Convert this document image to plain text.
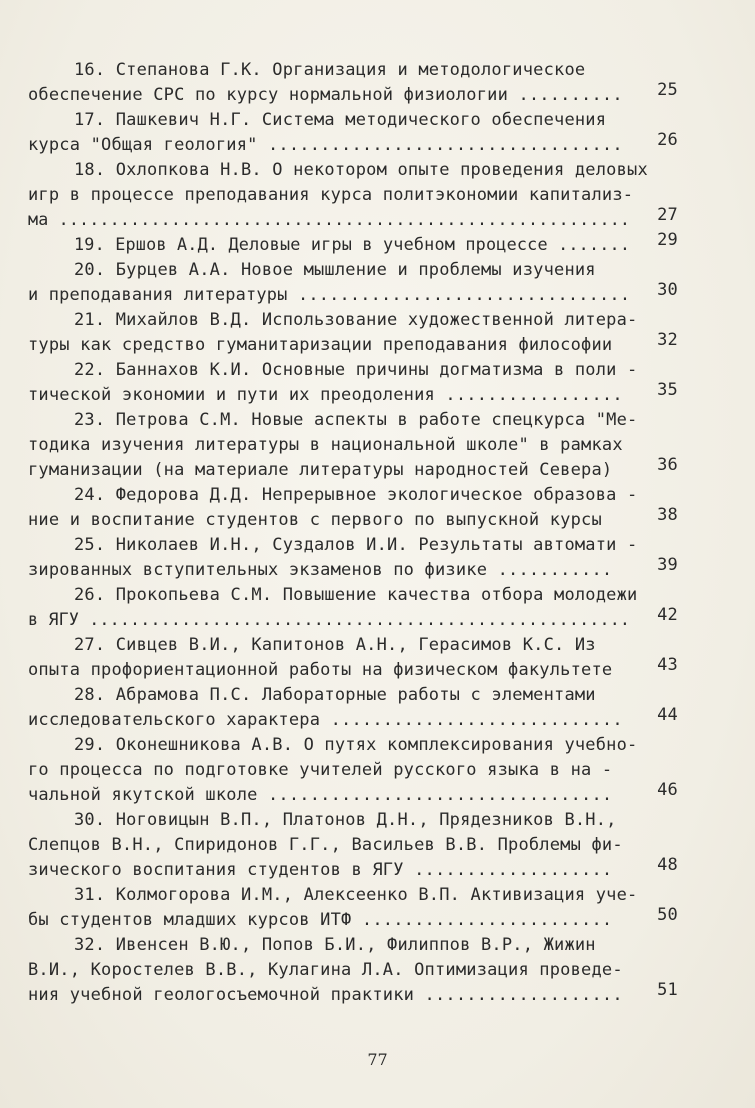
16. Степанова Г.К. Организация и методологическое
обеспечение СРС по курсу нормальной физиологии ..........	25
17. Пашкевич Н.Г. Система методического обеспечения
курса "Общая геология" ..................................	26
18. Охлопкова Н.В. О некотором опыте проведения деловых
игр в процессе преподавания курса политэкономии капитализ-
ма ........................................................	27
19. Ершов А.Д. Деловые игры в учебном процессе .......	29
20. Бурцев А.А. Новое мышление и проблемы изучения
и преподавания литературы ................................	30
21. Михайлов В.Д. Использование художественной литера-
туры как средство гуманитаризации преподавания философии	32
22. Баннахов К.И. Основные причины догматизма в поли -
тической экономии и пути их преодоления .................	35
23. Петрова С.М. Новые аспекты в работе спецкурса "Ме-
тодика изучения литературы в национальной школе" в рамках
гуманизации (на материале литературы народностей Севера)	36
24. Федорова Д.Д. Непрерывное экологическое образова -
ние и воспитание студентов с первого по выпускной курсы	38
25. Николаев И.Н., Суздалов И.И. Результаты автомати -
зированных вступительных экзаменов по физике ...........	39
26. Прокопьева С.М. Повышение качества отбора молодежи
в ЯГУ .....................................................	42
27. Сивцев В.И., Капитонов А.Н., Герасимов К.С. Из
опыта профориентационной работы на физическом факультете	43
28. Абрамова П.С. Лабораторные работы с элементами
исследовательского характера ............................	44
29. Оконешникова А.В. О путях комплексирования учебно-
го процесса по подготовке учителей русского языка в на -
чальной якутской школе .................................	46
30. Ноговицын В.П., Платонов Д.Н., Прядезников В.Н.,
Слепцов В.Н., Спиридонов Г.Г., Васильев В.В. Проблемы фи-
зического воспитания студентов в ЯГУ ...................	48
31. Колмогорова И.М., Алексеенко В.П. Активизация уче-
бы студентов младших курсов ИТФ ........................	50
32. Ивенсен В.Ю., Попов Б.И., Филиппов В.Р., Жижин
В.И., Коростелев В.В., Кулагина Л.А. Оптимизация проведе-
ния учебной геологосъемочной практики ...................	51
77
